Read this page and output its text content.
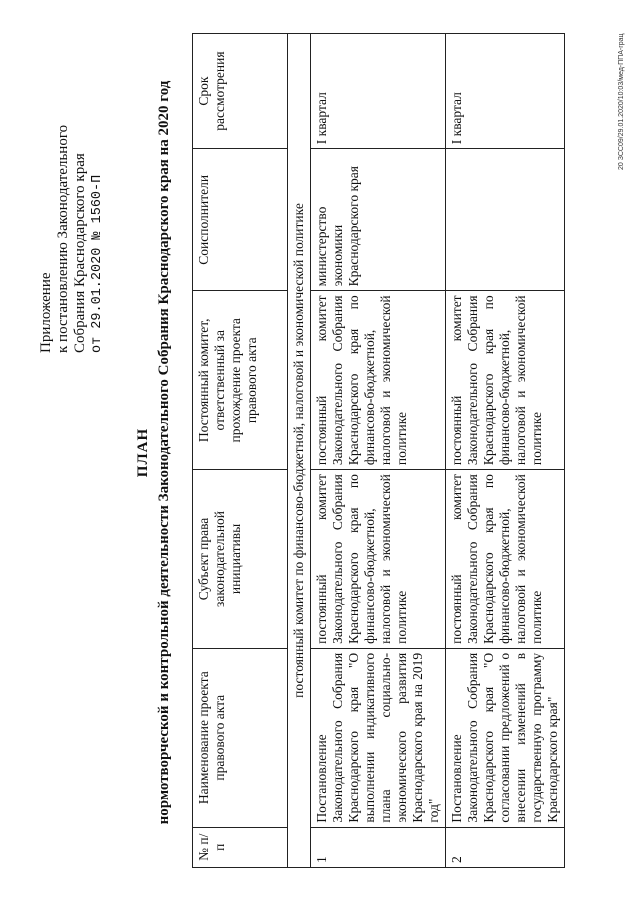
Приложение к постановлению Законодательного Собрания Краснодарского края от 29.01.2020 № 1560-П
ПЛАН нормотворческой и контрольной деятельности Законодательного Собрания Краснодарского края на 2020 год
№ п/п	Наименование проекта правового акта	Субъект права законодательной инициативы	Постоянный комитет, ответственный за прохождение проекта правового акта	Соисполнители	Срок рассмотрения
постоянный комитет по финансово-бюджетной, налоговой и экономической политике					
1	Постановление Законодательного Собрания Краснодарского края "О выполнении индикативного плана социально-экономического развития Краснодарского края на 2019 год"	постоянный комитет Законодательного Собрания Краснодарского края по финансово-бюджетной, налоговой и экономической политике	постоянный комитет Законодательного Собрания Краснодарского края по финансово-бюджетной, налоговой и экономической политике	министерство экономики Краснодарского края	I квартал
2	Постановление Законодательного Собрания Краснодарского края "О согласовании предложений о внесении изменений в государственную программу Краснодарского края"	постоянный комитет Законодательного Собрания Краснодарского края по финансово-бюджетной, налоговой и экономической политике	постоянный комитет Законодательного Собрания Краснодарского края по финансово-бюджетной, налоговой и экономической политике		I квартал	20 ЗСС09/29.01.2020/10:03/мед-ППА-грац
